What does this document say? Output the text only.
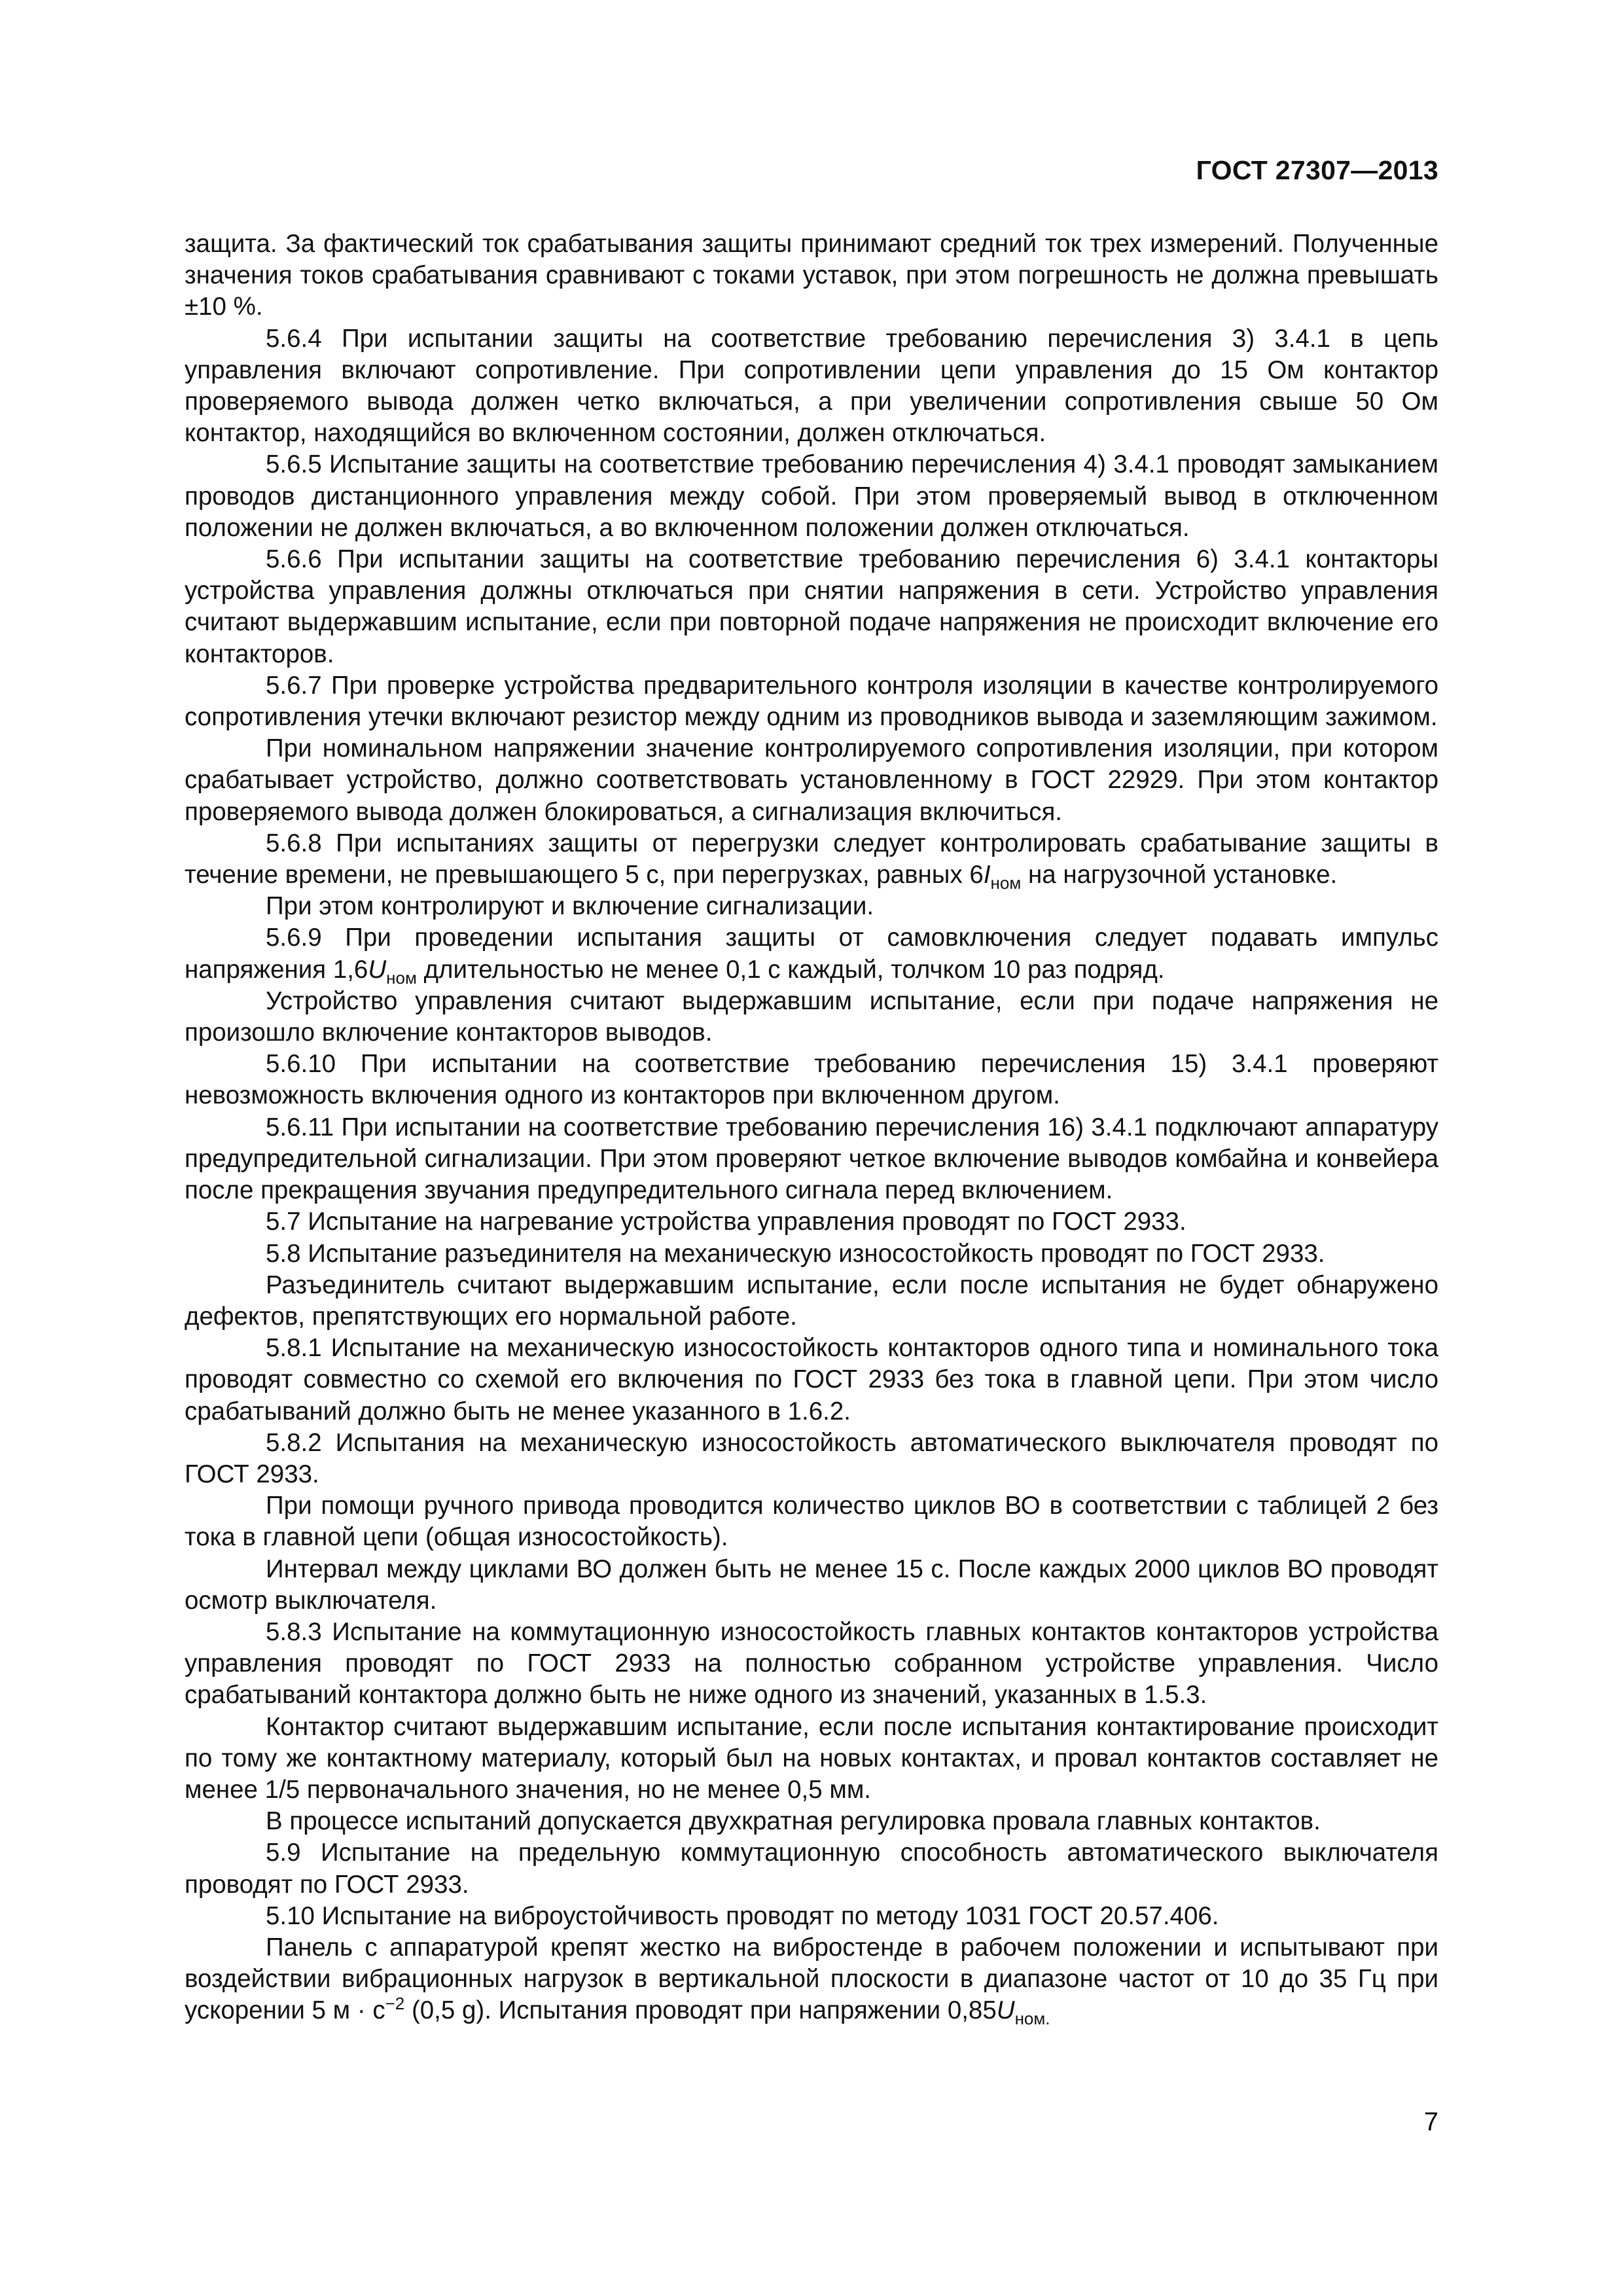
ГОСТ 27307—2013

защита. За фактический ток срабатывания защиты принимают средний ток трех измерений. Полученные значения токов срабатывания сравнивают с токами уставок, при этом погрешность не должна превышать ±10 %.

5.6.4 При испытании защиты на соответствие требованию перечисления 3) 3.4.1 в цепь управления включают сопротивление. При сопротивлении цепи управления до 15 Ом контактор проверяемого вывода должен четко включаться, а при увеличении сопротивления свыше 50 Ом контактор, находящийся во включенном состоянии, должен отключаться.

5.6.5 Испытание защиты на соответствие требованию перечисления 4) 3.4.1 проводят замыканием проводов дистанционного управления между собой. При этом проверяемый вывод в отключенном положении не должен включаться, а во включенном положении должен отключаться.

5.6.6 При испытании защиты на соответствие требованию перечисления 6) 3.4.1 контакторы устройства управления должны отключаться при снятии напряжения в сети. Устройство управления считают выдержавшим испытание, если при повторной подаче напряжения не происходит включение его контакторов.

5.6.7 При проверке устройства предварительного контроля изоляции в качестве контролируемого сопротивления утечки включают резистор между одним из проводников вывода и заземляющим зажимом.

При номинальном напряжении значение контролируемого сопротивления изоляции, при котором срабатывает устройство, должно соответствовать установленному в ГОСТ 22929. При этом контактор проверяемого вывода должен блокироваться, а сигнализация включиться.

5.6.8 При испытаниях защиты от перегрузки следует контролировать срабатывание защиты в течение времени, не превышающего 5 с, при перегрузках, равных $6I_{ном}$ на нагрузочной установке.

При этом контролируют и включение сигнализации.

5.6.9 При проведении испытания защиты от самовключения следует подавать импульс напряжения $1,6U_{ном}$ длительностью не менее 0,1 с каждый, толчком 10 раз подряд.

Устройство управления считают выдержавшим испытание, если при подаче напряжения не произошло включение контакторов выводов.

5.6.10 При испытании на соответствие требованию перечисления 15) 3.4.1 проверяют невозможность включения одного из контакторов при включенном другом.

5.6.11 При испытании на соответствие требованию перечисления 16) 3.4.1 подключают аппаратуру предупредительной сигнализации. При этом проверяют четкое включение выводов комбайна и конвейера после прекращения звучания предупредительного сигнала перед включением.

5.7 Испытание на нагревание устройства управления проводят по ГОСТ 2933.

5.8 Испытание разъединителя на механическую износостойкость проводят по ГОСТ 2933.

Разъединитель считают выдержавшим испытание, если после испытания не будет обнаружено дефектов, препятствующих его нормальной работе.

5.8.1 Испытание на механическую износостойкость контакторов одного типа и номинального тока проводят совместно со схемой его включения по ГОСТ 2933 без тока в главной цепи. При этом число срабатываний должно быть не менее указанного в 1.6.2.

5.8.2 Испытания на механическую износостойкость автоматического выключателя проводят по ГОСТ 2933.

При помощи ручного привода проводится количество циклов ВО в соответствии с таблицей 2 без тока в главной цепи (общая износостойкость).

Интервал между циклами ВО должен быть не менее 15 с. После каждых 2000 циклов ВО проводят осмотр выключателя.

5.8.3 Испытание на коммутационную износостойкость главных контактов контакторов устройства управления проводят по ГОСТ 2933 на полностью собранном устройстве управления. Число срабатываний контактора должно быть не ниже одного из значений, указанных в 1.5.3.

Контактор считают выдержавшим испытание, если после испытания контактирование происходит по тому же контактному материалу, который был на новых контактах, и провал контактов составляет не менее 1/5 первоначального значения, но не менее 0,5 мм.

В процессе испытаний допускается двухкратная регулировка провала главных контактов.

5.9 Испытание на предельную коммутационную способность автоматического выключателя проводят по ГОСТ 2933.

5.10 Испытание на виброустойчивость проводят по методу 1031 ГОСТ 20.57.406.

Панель с аппаратурой крепят жестко на вибростенде в рабочем положении и испытывают при воздействии вибрационных нагрузок в вертикальной плоскости в диапазоне частот от 10 до 35 Гц при ускорении 5 $м \cdot с^{-2}$ (0,5 g). Испытания проводят при напряжении $0,85U_{ном.}$

7
